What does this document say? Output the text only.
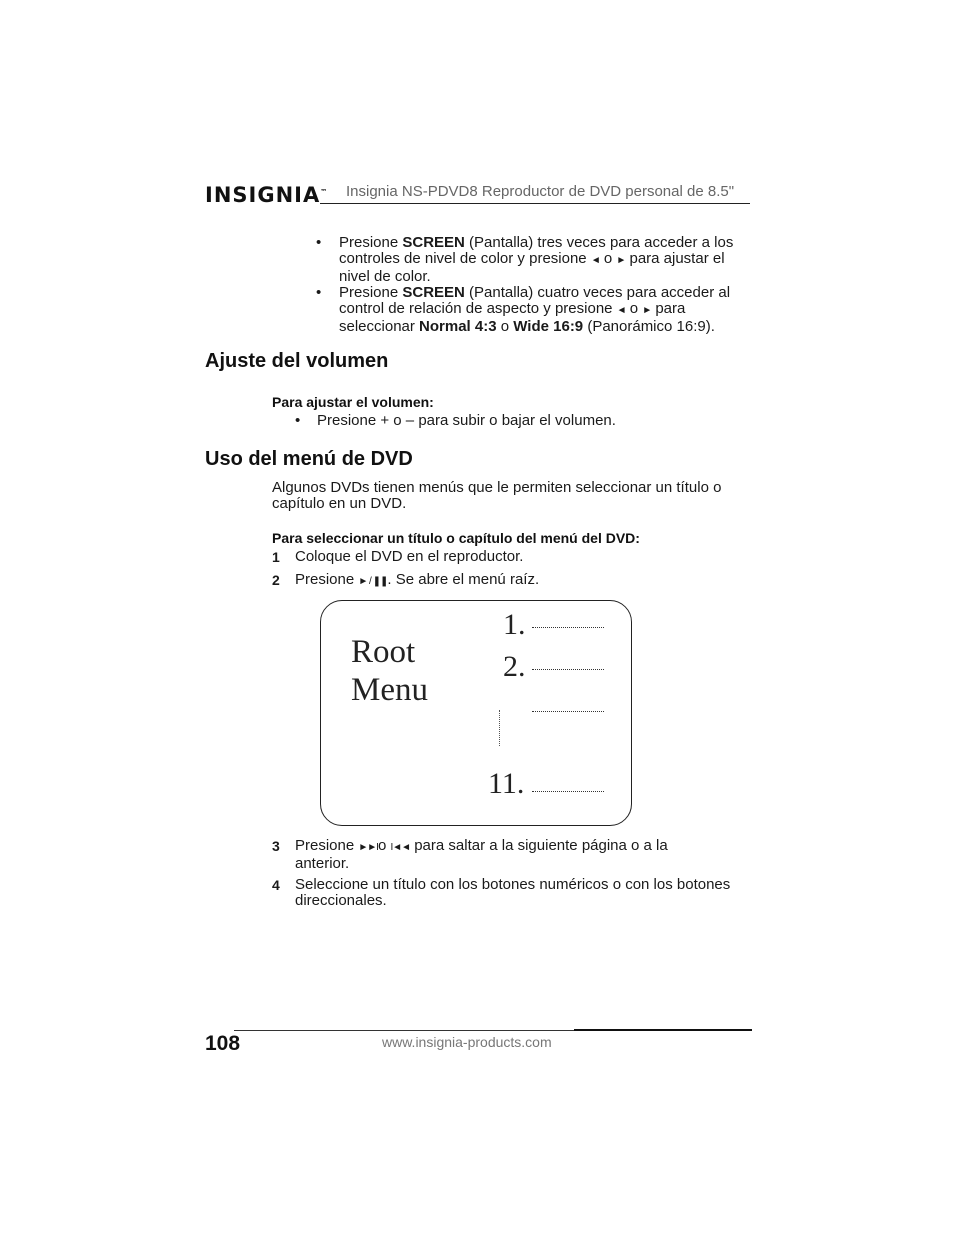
INSIGNIA™ Insignia NS-PDVD8 Reproductor de DVD personal de 8.5"
• Presione SCREEN (Pantalla) tres veces para acceder a los
controles de nivel de color y presione ◄ o ► para ajustar el
nivel de color.
• Presione SCREEN (Pantalla) cuatro veces para acceder al
control de relación de aspecto y presione ◄ o ► para
seleccionar Normal 4:3 o Wide 16:9 (Panorámico 16:9).
Ajuste del volumen
Para ajustar el volumen:
• Presione + o – para subir o bajar el volumen.
Uso del menú de DVD
Algunos DVDs tienen menús que le permiten seleccionar un título o
capítulo en un DVD.
Para seleccionar un título o capítulo del menú del DVD:
1 Coloque el DVD en el reproductor.
2 Presione ► / ❚❚. Se abre el menú raíz.
Root
Menu
1.
2.
11.
3 Presione ►►Io I◄◄ para saltar a la siguiente página o a la
anterior.
4 Seleccione un título con los botones numéricos o con los botones
direccionales.
108	www.insignia-products.com
